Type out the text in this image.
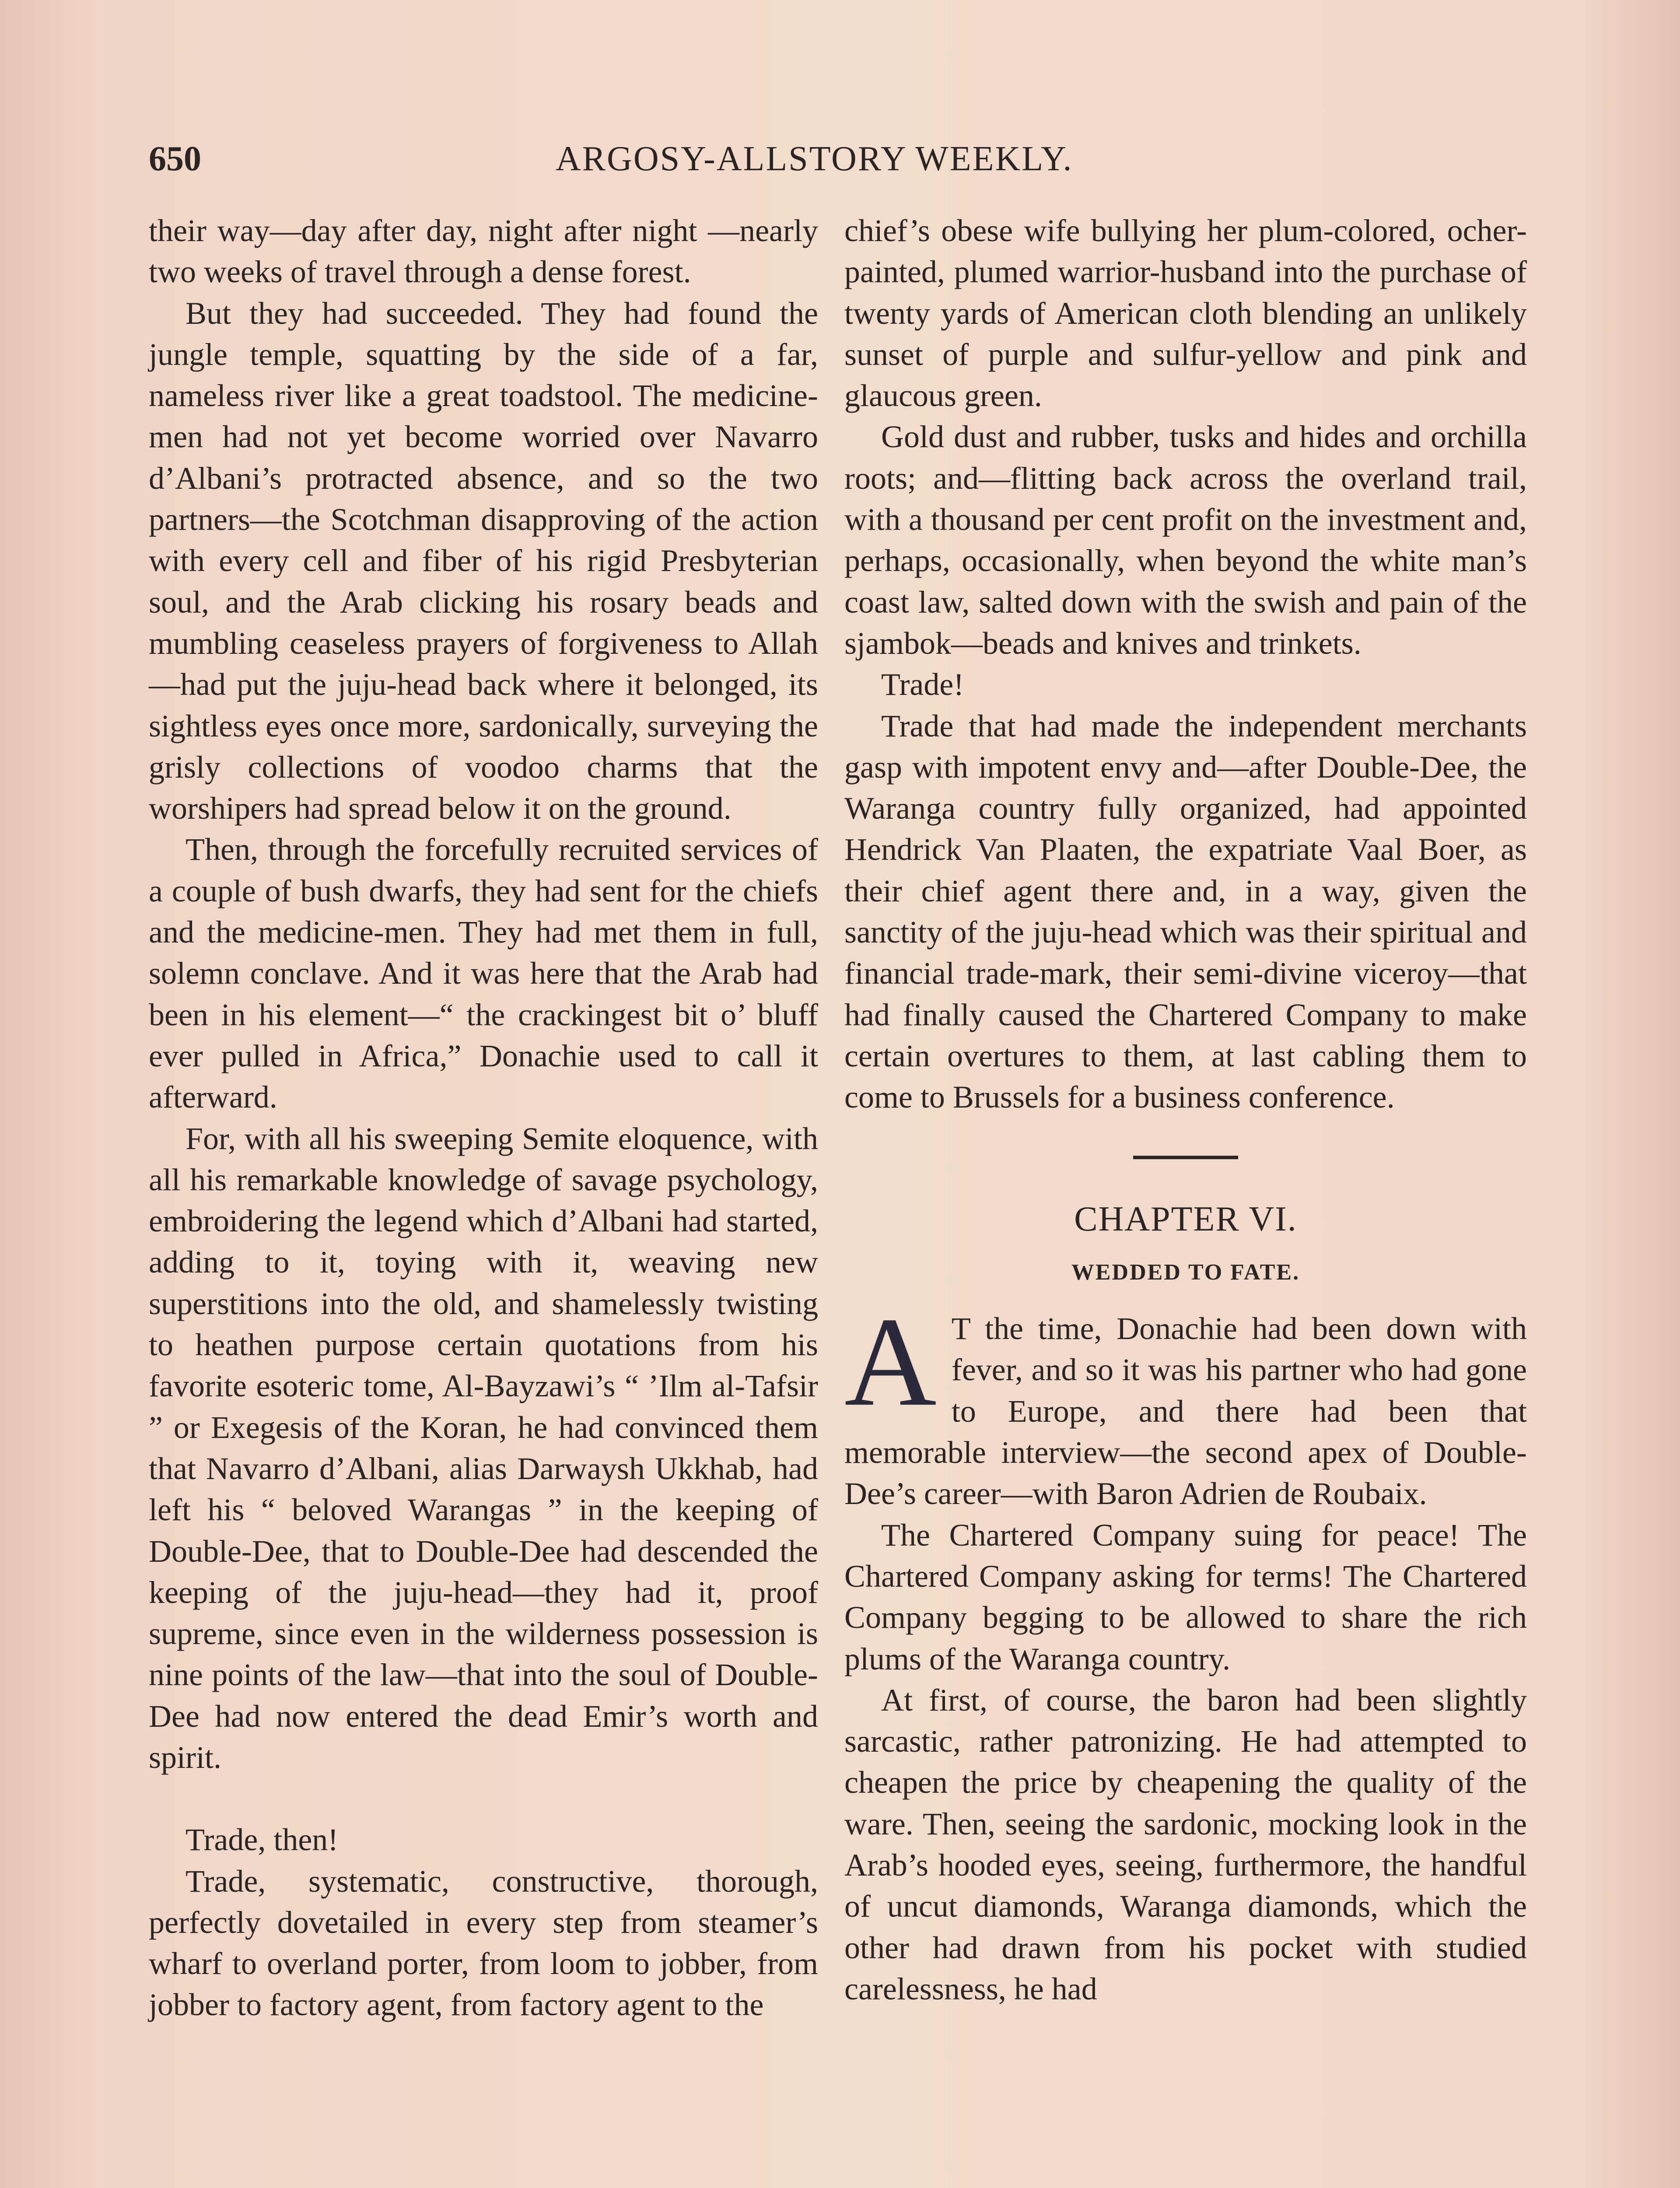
650	ARGOSY-ALLSTORY WEEKLY.

their way—day after day, night after night —nearly two weeks of travel through a dense forest.

But they had succeeded. They had found the jungle temple, squatting by the side of a far, nameless river like a great toadstool. The medicine-men had not yet become worried over Navarro d’Albani’s protracted absence, and so the two partners—the Scotchman disapproving of the action with every cell and fiber of his rigid Presbyterian soul, and the Arab clicking his rosary beads and mumbling ceaseless prayers of forgiveness to Allah—had put the juju-head back where it belonged, its sightless eyes once more, sardonically, surveying the grisly collections of voodoo charms that the worshipers had spread below it on the ground.

Then, through the forcefully recruited services of a couple of bush dwarfs, they had sent for the chiefs and the medicine-men. They had met them in full, solemn conclave. And it was here that the Arab had been in his element—“ the crackingest bit o’ bluff ever pulled in Africa,” Donachie used to call it afterward.

For, with all his sweeping Semite eloquence, with all his remarkable knowledge of savage psychology, embroidering the legend which d’Albani had started, adding to it, toying with it, weaving new superstitions into the old, and shamelessly twisting to heathen purpose certain quotations from his favorite esoteric tome, Al-Bayzawi’s “ ’Ilm al-Tafsir ” or Exegesis of the Koran, he had convinced them that Navarro d’Albani, alias Darwaysh Ukkhab, had left his “ beloved Warangas ” in the keeping of Double-Dee, that to Double-Dee had descended the keeping of the juju-head—they had it, proof supreme, since even in the wilderness possession is nine points of the law—that into the soul of Double-Dee had now entered the dead Emir’s worth and spirit.

Trade, then!

Trade, systematic, constructive, thorough, perfectly dovetailed in every step from steamer’s wharf to overland porter, from loom to jobber, from jobber to factory agent, from factory agent to the

chief’s obese wife bullying her plum-colored, ocher-painted, plumed warrior-husband into the purchase of twenty yards of American cloth blending an unlikely sunset of purple and sulfur-yellow and pink and glaucous green.

Gold dust and rubber, tusks and hides and orchilla roots; and—flitting back across the overland trail, with a thousand per cent profit on the investment and, perhaps, occasionally, when beyond the white man’s coast law, salted down with the swish and pain of the sjambok—beads and knives and trinkets.

Trade!

Trade that had made the independent merchants gasp with impotent envy and—after Double-Dee, the Waranga country fully organized, had appointed Hendrick Van Plaaten, the expatriate Vaal Boer, as their chief agent there and, in a way, given the sanctity of the juju-head which was their spiritual and financial trade-mark, their semi-divine viceroy—that had finally caused the Chartered Company to make certain overtures to them, at last cabling them to come to Brussels for a business conference.

CHAPTER VI.
WEDDED TO FATE.

A T the time, Donachie had been down with fever, and so it was his partner who had gone to Europe, and there had been that memorable interview—the second apex of Double-Dee’s career—with Baron Adrien de Roubaix.

The Chartered Company suing for peace! The Chartered Company asking for terms! The Chartered Company begging to be allowed to share the rich plums of the Waranga country.

At first, of course, the baron had been slightly sarcastic, rather patronizing. He had attempted to cheapen the price by cheapening the quality of the ware. Then, seeing the sardonic, mocking look in the Arab’s hooded eyes, seeing, furthermore, the handful of uncut diamonds, Waranga diamonds, which the other had drawn from his pocket with studied carelessness, he had
